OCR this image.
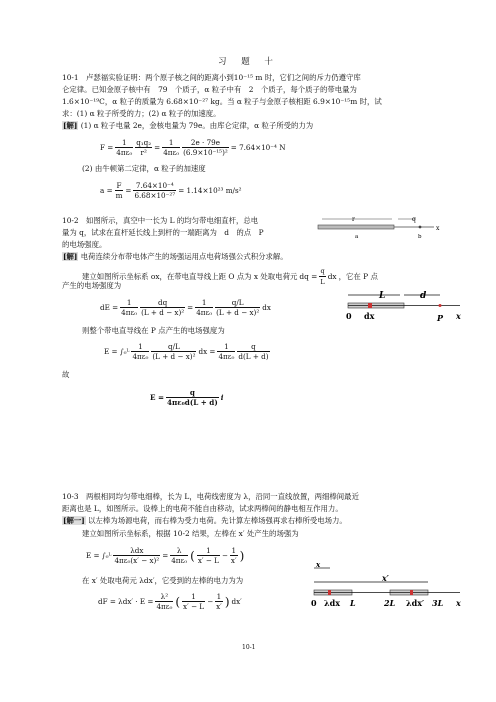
习 题 十
10-1　卢瑟福实验证明：两个原子核之间的距离小到10⁻¹⁵ m 时，它们之间的斥力仍遵守库
仑定律。已知金原子核中有　79　个质子，α 粒子中有　2　个质子，每个质子的带电量为
1.6×10⁻¹⁹C，α 粒子的质量为 6.68×10⁻²⁷ kg。当 α 粒子与金原子核相距 6.9×10⁻¹⁵m 时，试
求：(1) α 粒子所受的力；(2) α 粒子的加速度。
[解] (1) α 粒子电量 2e，金核电量为 79e。由库仑定律，α 粒子所受的力为
$F = \frac{1}{\text{4πε₀}} \frac{\text{q₁q₂}}{\text{r²}} = \frac{1}{\text{4πε₀}} \frac{2e \cdot 79e}{\text{(6.9×10⁻¹⁵)²}} = 7.64\times 10^{-4}$ N
(2) 由牛顿第二定律，α 粒子的加速度
$a = \frac{F}{m} = \frac{\text{7.64×10⁻⁴}}{\text{6.68×10⁻²⁷}} = 1.14\times 10^{23}$ m/s²
10-2　如图所示，真空中一长为 L 的均匀带电细直杆，总电
量为 q，试求在直杆延长线上到杆的一端距离为　d　的点　P
的电场强度。
r	q
a	b
x
[解] 电荷连续分布带电体产生的场强运用点电荷场强公式积分求解。
建立如图所示坐标系 ox，在带电直导线上距 O 点为 x 处取电荷元 dq = $\frac{q}{L}$ dx ，它在 P 点
产生的电场强度为
L	d
0 dx	P x
dE = $\frac{1}{\text{4πε₀}} \frac{dq}{\text{(L + d − x)²}} = \frac{1}{\text{4πε₀}}$	q/L
(L + d − x)²
dx
则整个带电直导线在 P 点产生的电场强度为
E = ∫₀ᴸ
1
4πε₀
q/L
(L + d − x)²
dx = $\frac{1}{\text{4πε₀}}$	q
d(L + d)
故
$E = \frac{q}{\text{4πε₀d(L + d)}}$ i
10-3　两根相同均匀带电细棒，长为 L，电荷线密度为 λ，沿同一直线放置，两细棒间最近
距离也是 L，如图所示。设棒上的电荷不能自由移动，试求两棒间的静电相互作用力。
[解一] 以左棒为场源电荷，而右棒为受力电荷。先计算左棒场强再求右棒所受电场力。
建立如图所示坐标系，根据 10-2 结果，左棒在 x′ 处产生的场强为
E = ∫₀ᴸ
λdx
4πε₀(x′ − x)²
= $\frac{\lambda}{\text{4πε₀}}$ (	1
x′ − L
− $\frac{1}{x'}$ )
在 x′ 处取电荷元 λdx′，它受到的左棒的电力为为
dF = $\lambda dx' \cdot E = \frac{\text{λ²}}{\text{4πε₀}}$ (	1
x′ − L
− $\frac{1}{x'}$ ) dx′
x
x′
0 λdx L	2L λdx′ 3L x
10-1
